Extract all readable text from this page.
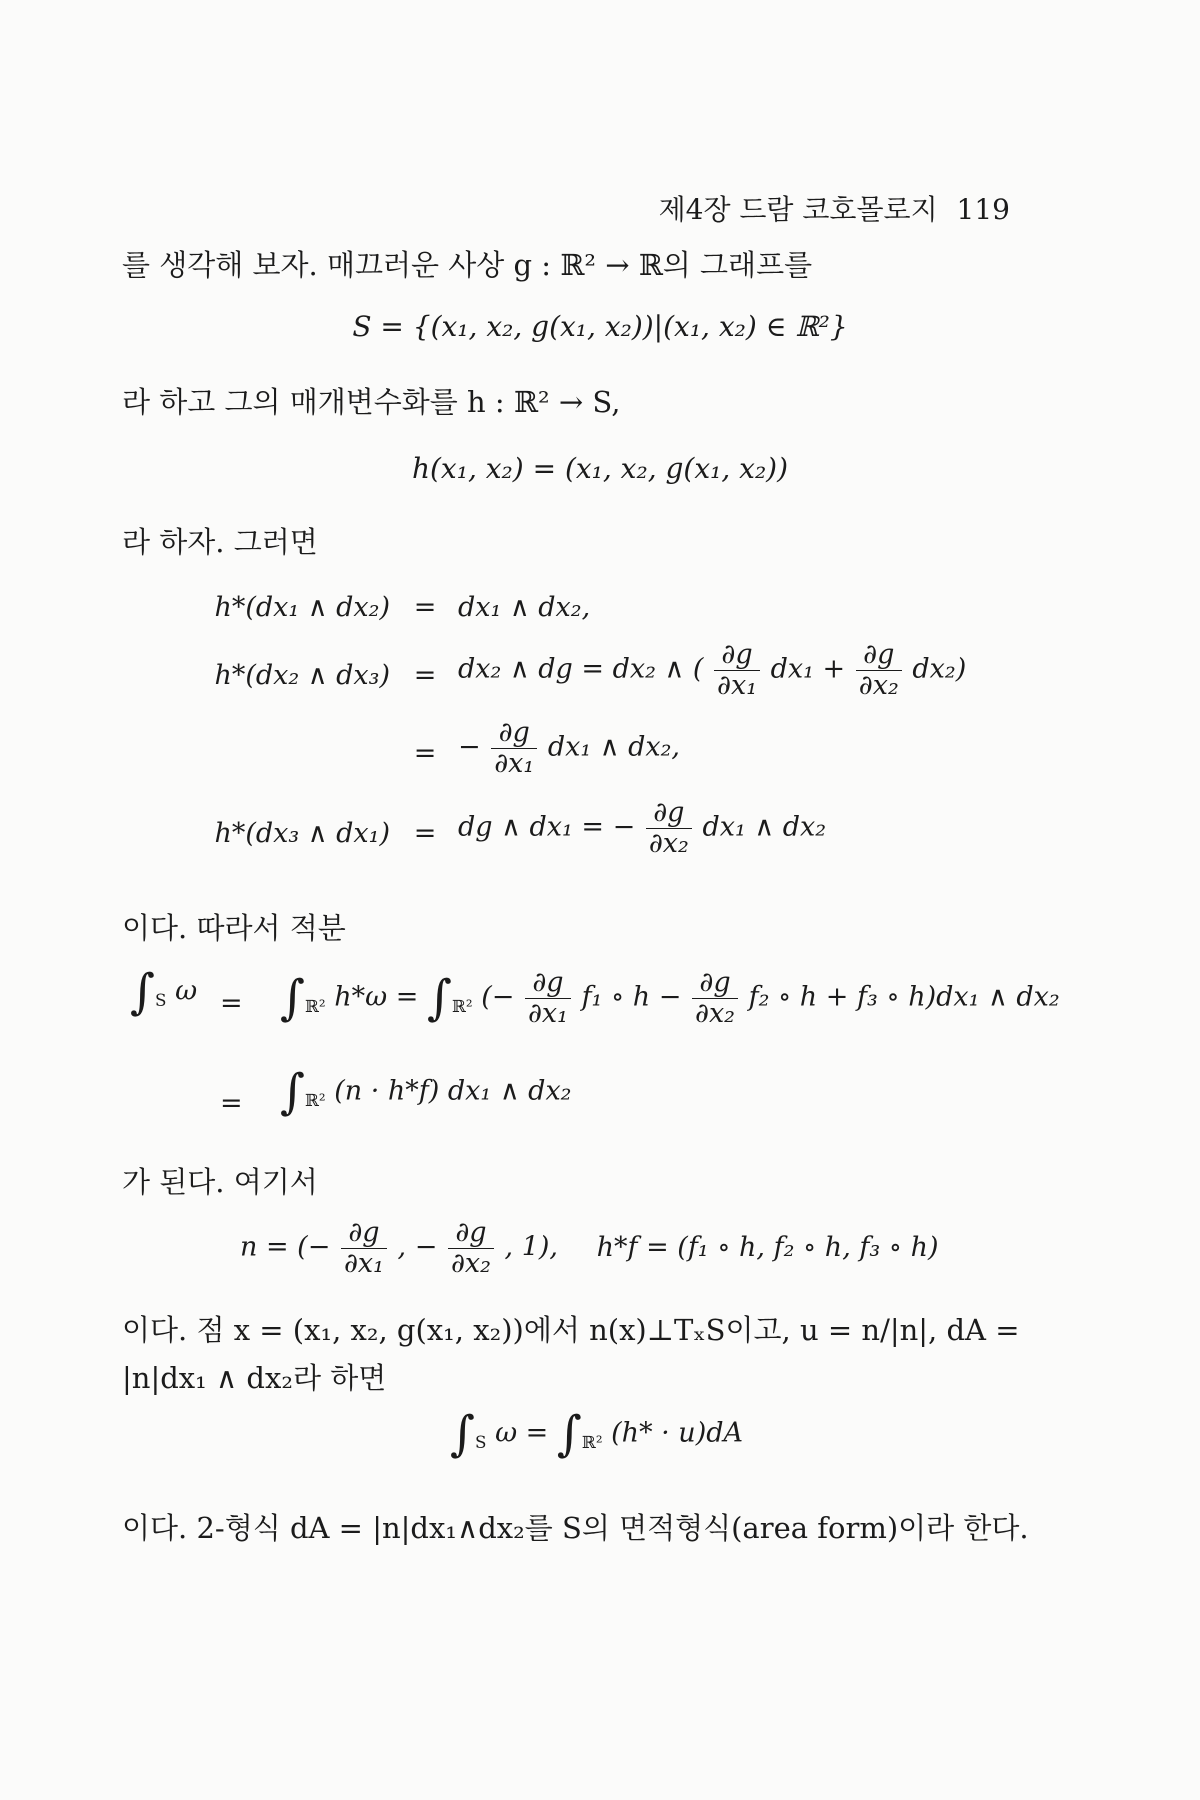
제4장 드람 코호몰로지 119
를 생각해 보자. 매끄러운 사상 g : ℝ² → ℝ의 그래프를
S = {(x₁, x₂, g(x₁, x₂))|(x₁, x₂) ∈ ℝ²}
라 하고 그의 매개변수화를 h : ℝ² → S,
h(x₁, x₂) = (x₁, x₂, g(x₁, x₂))
라 하자. 그러면
h*(dx₁ ∧ dx₂) = dx₁ ∧ dx₂,
h*(dx₂ ∧ dx₃) = dx₂ ∧ dg = dx₂ ∧ ( $\frac{\partial g}{\text{∂x₁}} dx_1 + \frac{\partial g}{\text{∂x₂}} dx_2$)
= − $\frac{\partial g}{\text{∂x₁}} dx_1$ ∧ dx₂,
h*(dx₃ ∧ dx₁) = dg ∧ dx₁ = − $\frac{\partial g}{\text{∂x₂}} dx_1$ ∧ dx₂
이다. 따라서 적분
$\int_S$ $\omega = \int_{ℝ^2}$ $h*\omega = \int_{ℝ^2}$ (− $\frac{\partial g}{\text{∂x₁}} f_1$ ∘ $h - \frac{\partial g}{\text{∂x₂}} f_2$ ∘ h + f₃ ∘ h)dx₁ ∧ dx₂
= $\int_{ℝ^2}$ (n · h*f) dx₁ ∧ dx₂
가 된다. 여기서
n = (− $\frac{\partial g}{\text{∂x₁}}$ , − $\frac{\partial g}{\text{∂x₂}}$ , 1), h*f = (f₁ ∘ h, f₂ ∘ h, f₃ ∘ h)
이다. 점 x = (x₁, x₂, g(x₁, x₂))에서 n(x)⊥TₓS이고, u = n/|n|, dA =
|n|dx₁ ∧ dx₂라 하면
$\int_S$ $\omega = \int_{ℝ^2}$ (h* · u)dA
이다. 2-형식 dA = |n|dx₁∧dx₂를 S의 면적형식(area form)이라 한다.
